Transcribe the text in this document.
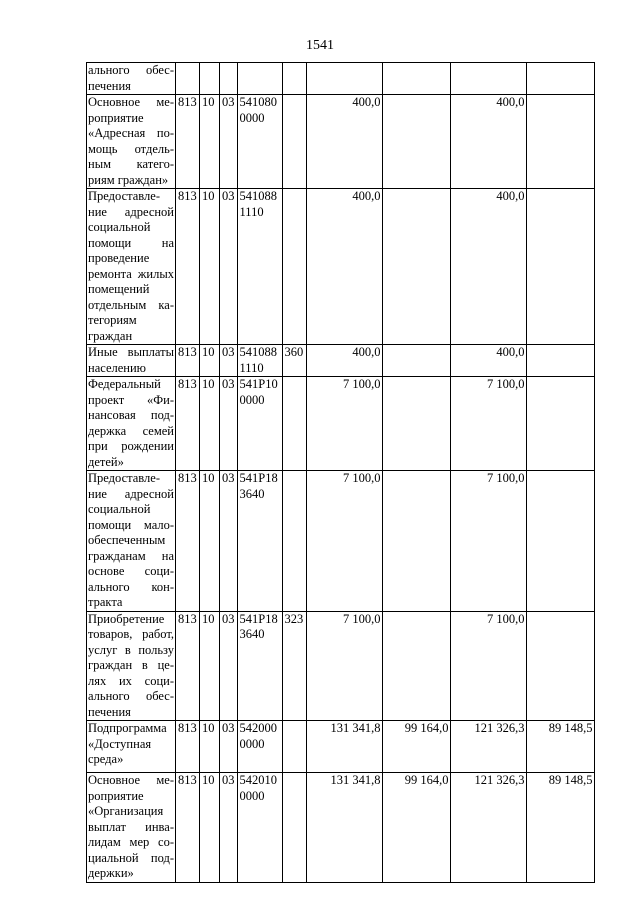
1541
ального обес-печения									
Основное ме-роприятие «Адресная по-мощь отдель-ным катего-риям граждан»	813	10	03	5410800000		400,0		400,0	
Предоставле-ние адресной социальной помощи на проведение ремонта жилых помещений отдельным ка-тегориям граждан	813	10	03	5410881110		400,0		400,0	
Иные выплаты населению	813	10	03	5410881110	360	400,0		400,0	
Федеральный проект «Фи-нансовая под-держка семей при рождении детей»	813	10	03	541P100000		7 100,0		7 100,0	
Предоставле-ние адресной социальной помощи мало-обеспеченным гражданам на основе соци-ального кон-тракта	813	10	03	541P183640		7 100,0		7 100,0	
Приобретение товаров, работ, услуг в пользу граждан в це-лях их соци-ального обес-печения	813	10	03	541P183640	323	7 100,0		7 100,0	
Подпрограмма «Доступная среда»	813	10	03	5420000000		131 341,8	99 164,0	121 326,3	89 148,5
Основное ме-роприятие «Организация выплат инва-лидам мер со-циальной под-держки»	813	10	03	5420100000		131 341,8	99 164,0	121 326,3	89 148,5
